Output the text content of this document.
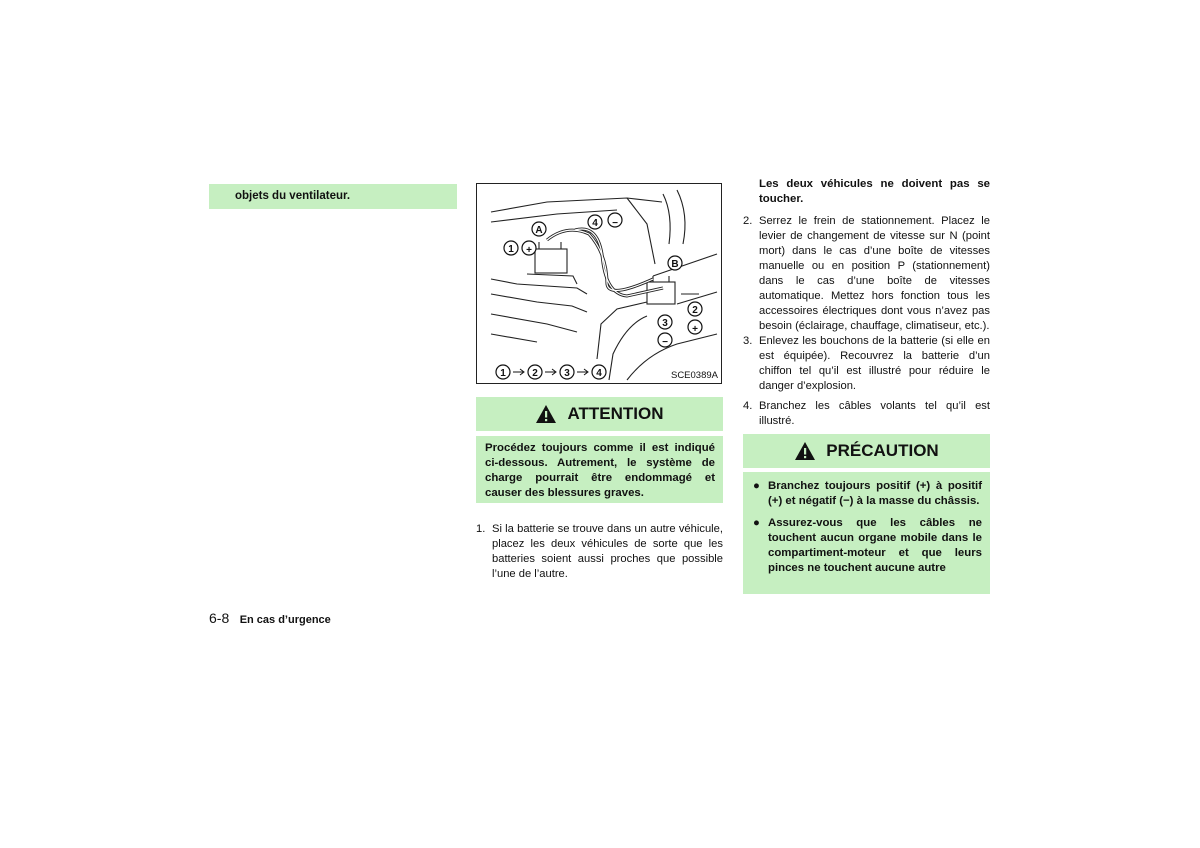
objets du ventilateur.
6-8 En cas d’urgence
A
4 −
1 +
B
2
+
3
−
1	2	3	4	SCE0389A
ATTENTION
Procédez toujours comme il est indiqué ci-dessous. Autrement, le système de charge pourrait être endommagé et causer des blessures graves.
1. Si la batterie se trouve dans un autre véhicule, placez les deux véhicules de sorte que les batteries soient aussi proches que possible l’une de l’autre.
Les deux véhicules ne doivent pas se toucher.
2. Serrez le frein de stationnement. Placez le levier de changement de vitesse sur N (point mort) dans le cas d’une boîte de vitesses manuelle ou en position P (stationnement) dans le cas d’une boîte de vitesses automatique. Mettez hors fonction tous les accessoires électriques dont vous n’avez pas besoin (éclairage, chauffage, climatiseur, etc.).
3. Enlevez les bouchons de la batterie (si elle en est équipée). Recouvrez la batterie d’un chiffon tel qu’il est illustré pour réduire le danger d’explosion.
4. Branchez les câbles volants tel qu’il est illustré.
PRÉCAUTION
● Branchez toujours positif (+) à positif (+) et négatif (−) à la masse du châssis.
● Assurez-vous que les câbles ne touchent aucun organe mobile dans le compartiment-moteur et que leurs pinces ne touchent aucune autre
